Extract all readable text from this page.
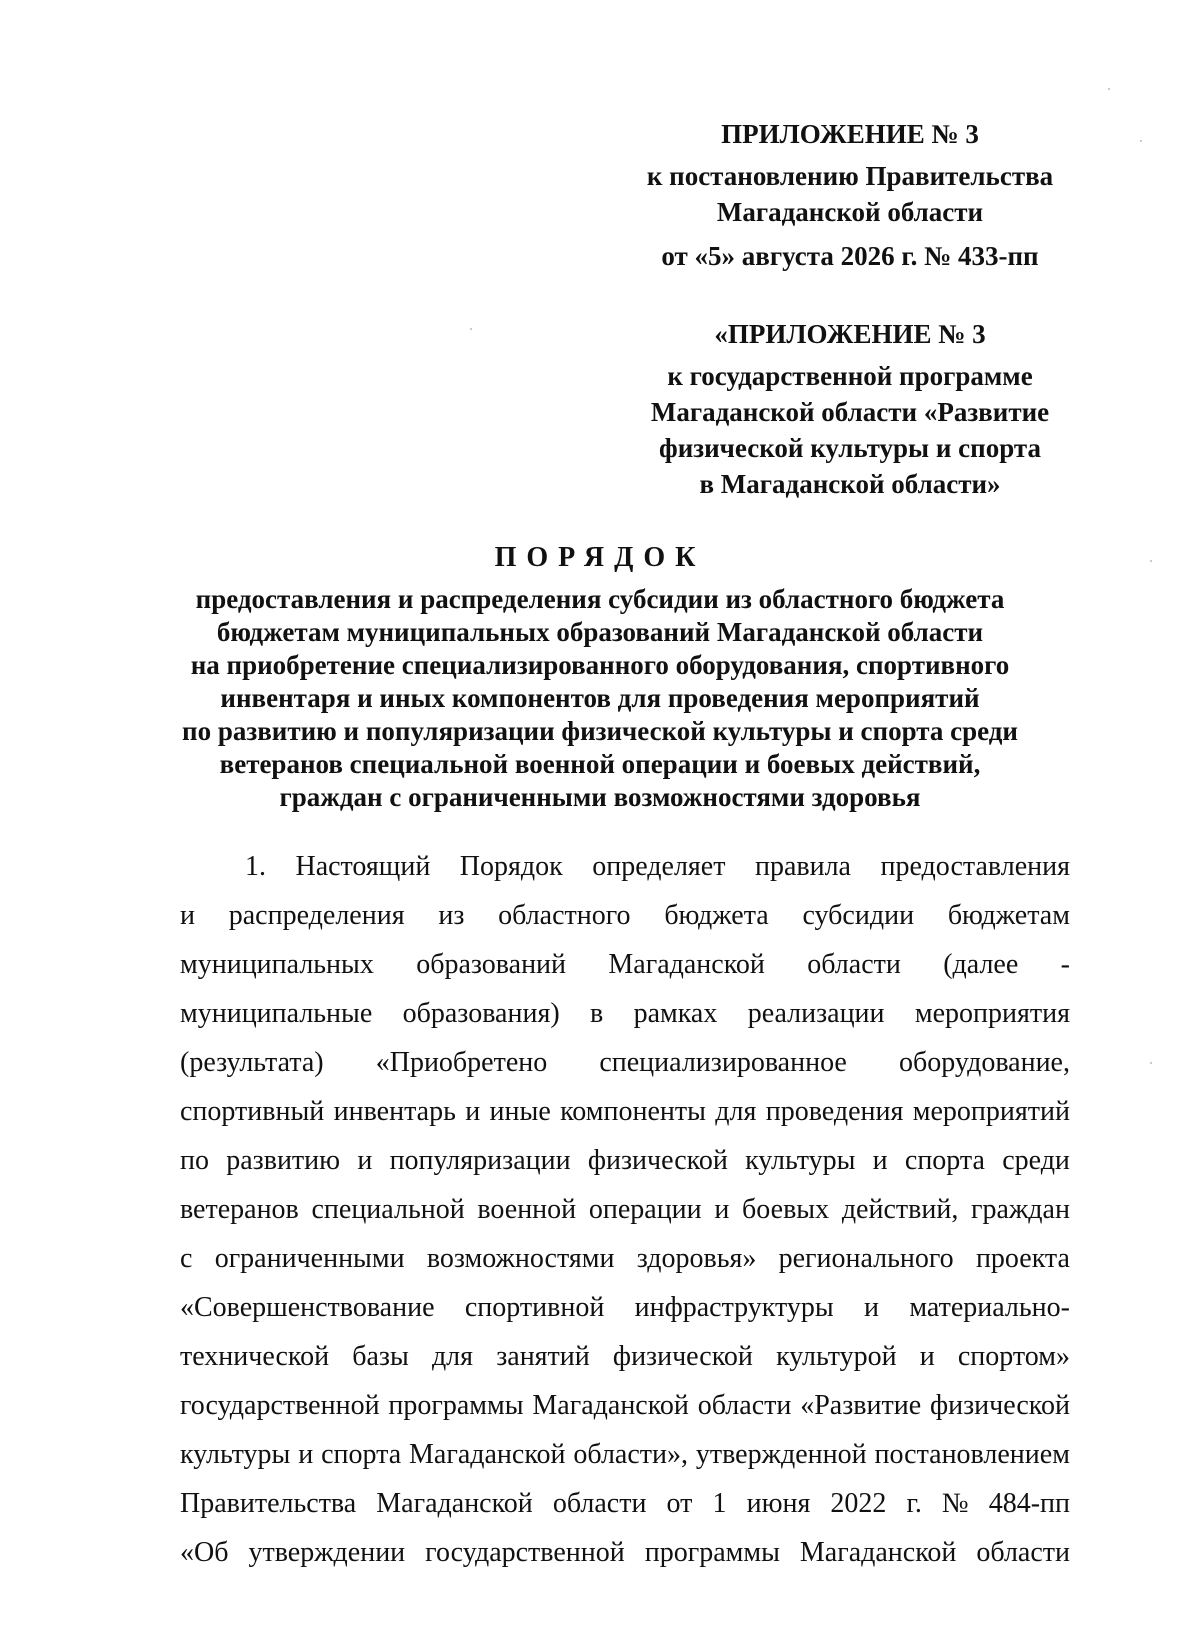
ПРИЛОЖЕНИЕ № 3
к постановлению Правительства
Магаданской области
от «5» августа 2026 г. № 433-пп
«ПРИЛОЖЕНИЕ № 3
к государственной программе
Магаданской области «Развитие
физической культуры и спорта
в Магаданской области»
ПОРЯДОК
предоставления и распределения субсидии из областного бюджета
бюджетам муниципальных образований Магаданской области
на приобретение специализированного оборудования, спортивного
инвентаря и иных компонентов для проведения мероприятий
по развитию и популяризации физической культуры и спорта среди
ветеранов специальной военной операции и боевых действий,
граждан с ограниченными возможностями здоровья
1. Настоящий Порядок определяет правила предоставления
и распределения из областного бюджета субсидии бюджетам
муниципальных образований Магаданской области (далее -
муниципальные образования) в рамках реализации мероприятия
(результата) «Приобретено специализированное оборудование,
спортивный инвентарь и иные компоненты для проведения мероприятий
по развитию и популяризации физической культуры и спорта среди
ветеранов специальной военной операции и боевых действий, граждан
с ограниченными возможностями здоровья» регионального проекта
«Совершенствование спортивной инфраструктуры и материально-
технической базы для занятий физической культурой и спортом»
государственной программы Магаданской области «Развитие физической
культуры и спорта Магаданской области», утвержденной постановлением
Правительства Магаданской области от 1 июня 2022 г. № 484-пп
«Об утверждении государственной программы Магаданской области
